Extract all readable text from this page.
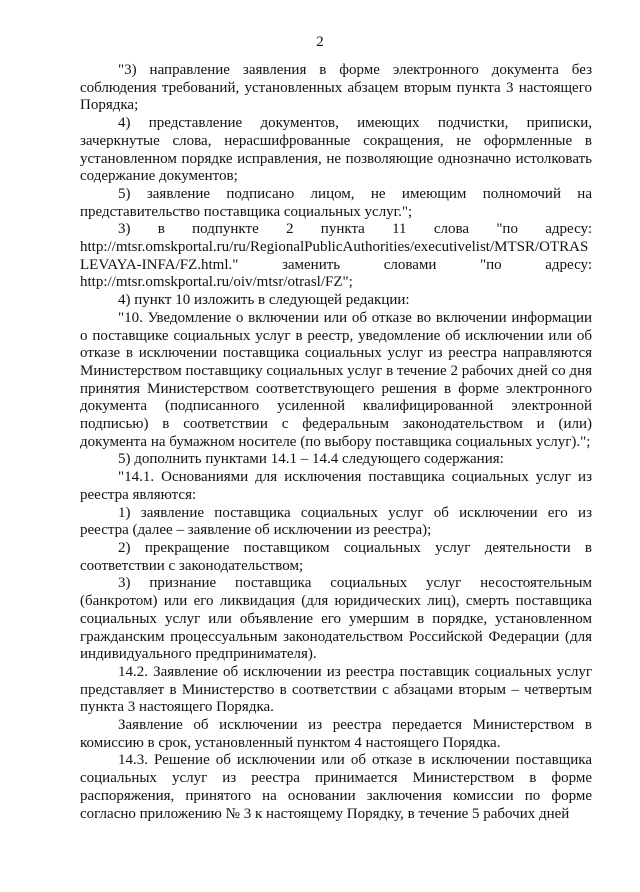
2

"3) направление заявления в форме электронного документа без соблюдения требований, установленных абзацем вторым пункта 3 настоящего Порядка;

4) представление документов, имеющих подчистки, приписки, зачеркнутые слова, нерасшифрованные сокращения, не оформленные в установленном порядке исправления, не позволяющие однозначно истолковать содержание документов;

5) заявление подписано лицом, не имеющим полномочий на представительство поставщика социальных услуг.";

3) в подпункте 2 пункта 11 слова "по адресу: http://mtsr.omskportal.ru/ru/RegionalPublicAuthorities/executivelist/MTSR/OTRASLEVAYA-INFA/FZ.html." заменить словами "по адресу: http://mtsr.omskportal.ru/oiv/mtsr/otrasl/FZ";

4) пункт 10 изложить в следующей редакции:

"10. Уведомление о включении или об отказе во включении информации о поставщике социальных услуг в реестр, уведомление об исключении или об отказе в исключении поставщика социальных услуг из реестра направляются Министерством поставщику социальных услуг в течение 2 рабочих дней со дня принятия Министерством соответствующего решения в форме электронного документа (подписанного усиленной квалифицированной электронной подписью) в соответствии с федеральным законодательством и (или) документа на бумажном носителе (по выбору поставщика социальных услуг).";

5) дополнить пунктами 14.1 – 14.4 следующего содержания:

"14.1. Основаниями для исключения поставщика социальных услуг из реестра являются:

1) заявление поставщика социальных услуг об исключении его из реестра (далее – заявление об исключении из реестра);

2) прекращение поставщиком социальных услуг деятельности в соответствии с законодательством;

3) признание поставщика социальных услуг несостоятельным (банкротом) или его ликвидация (для юридических лиц), смерть поставщика социальных услуг или объявление его умершим в порядке, установленном гражданским процессуальным законодательством Российской Федерации (для индивидуального предпринимателя).

14.2. Заявление об исключении из реестра поставщик социальных услуг представляет в Министерство в соответствии с абзацами вторым – четвертым пункта 3 настоящего Порядка.

Заявление об исключении из реестра передается Министерством в комиссию в срок, установленный пунктом 4 настоящего Порядка.

14.3. Решение об исключении или об отказе в исключении поставщика социальных услуг из реестра принимается Министерством в форме распоряжения, принятого на основании заключения комиссии по форме согласно приложению № 3 к настоящему Порядку, в течение 5 рабочих дней
